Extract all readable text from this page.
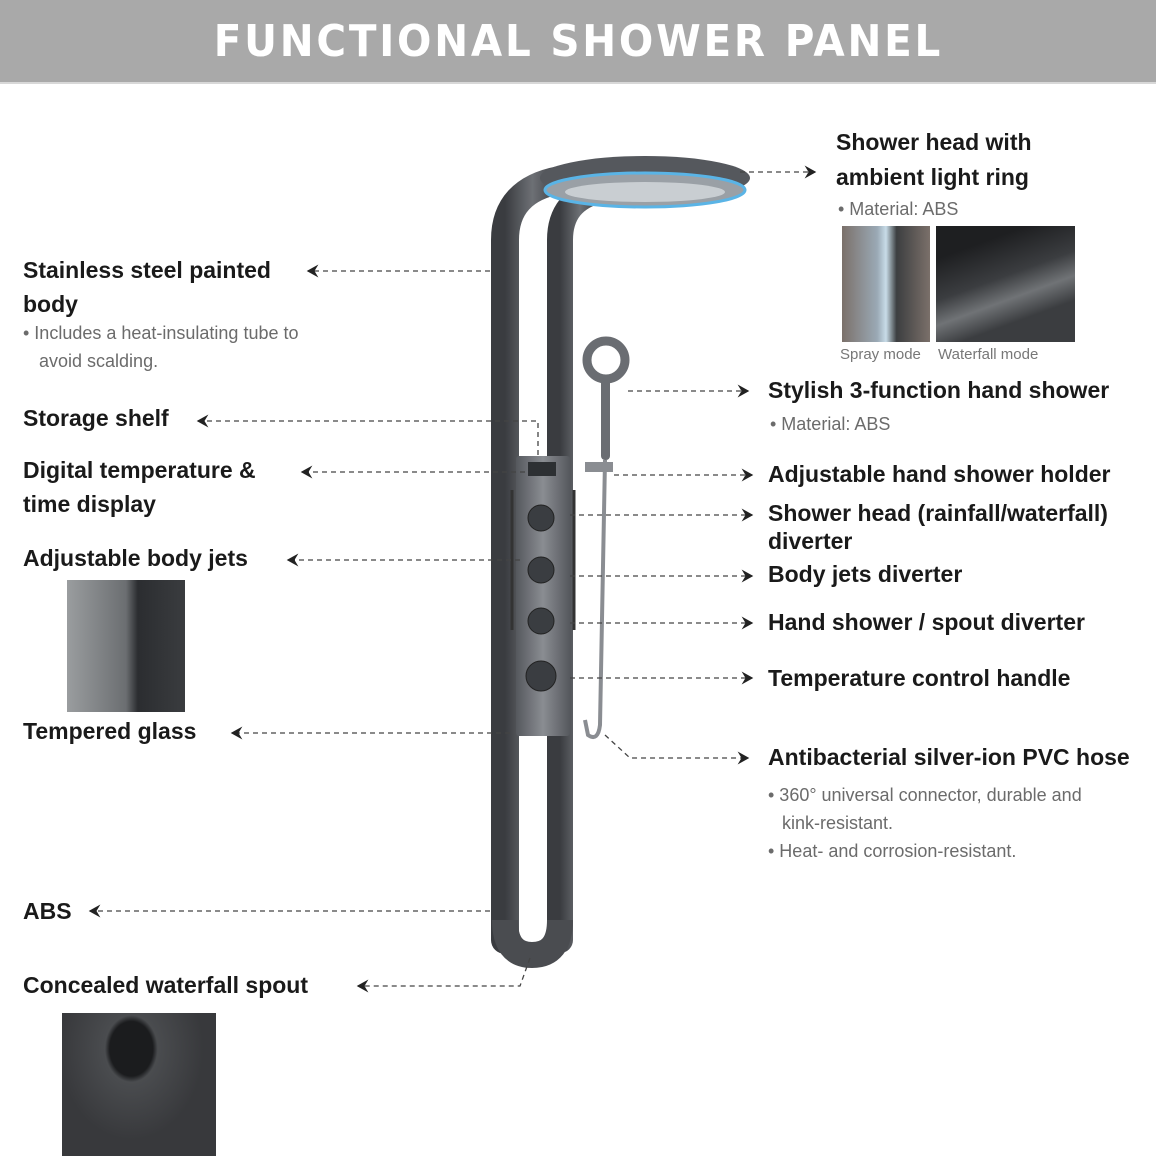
FUNCTIONAL SHOWER PANEL
Stainless steel painted
body
• Includes a heat-insulating tube to
avoid scalding.
Storage shelf
Digital temperature &
time display
Adjustable body jets
Tempered glass
ABS
Concealed waterfall spout
Shower head with
ambient light ring
• Material: ABS
Spray mode Waterfall mode
Stylish 3-function hand shower
• Material: ABS
Adjustable hand shower holder
Shower head (rainfall/waterfall)
diverter
Body jets diverter
Hand shower / spout diverter
Temperature control handle
Antibacterial silver-ion PVC hose
• 360° universal connector, durable and
kink-resistant.
• Heat- and corrosion-resistant.
